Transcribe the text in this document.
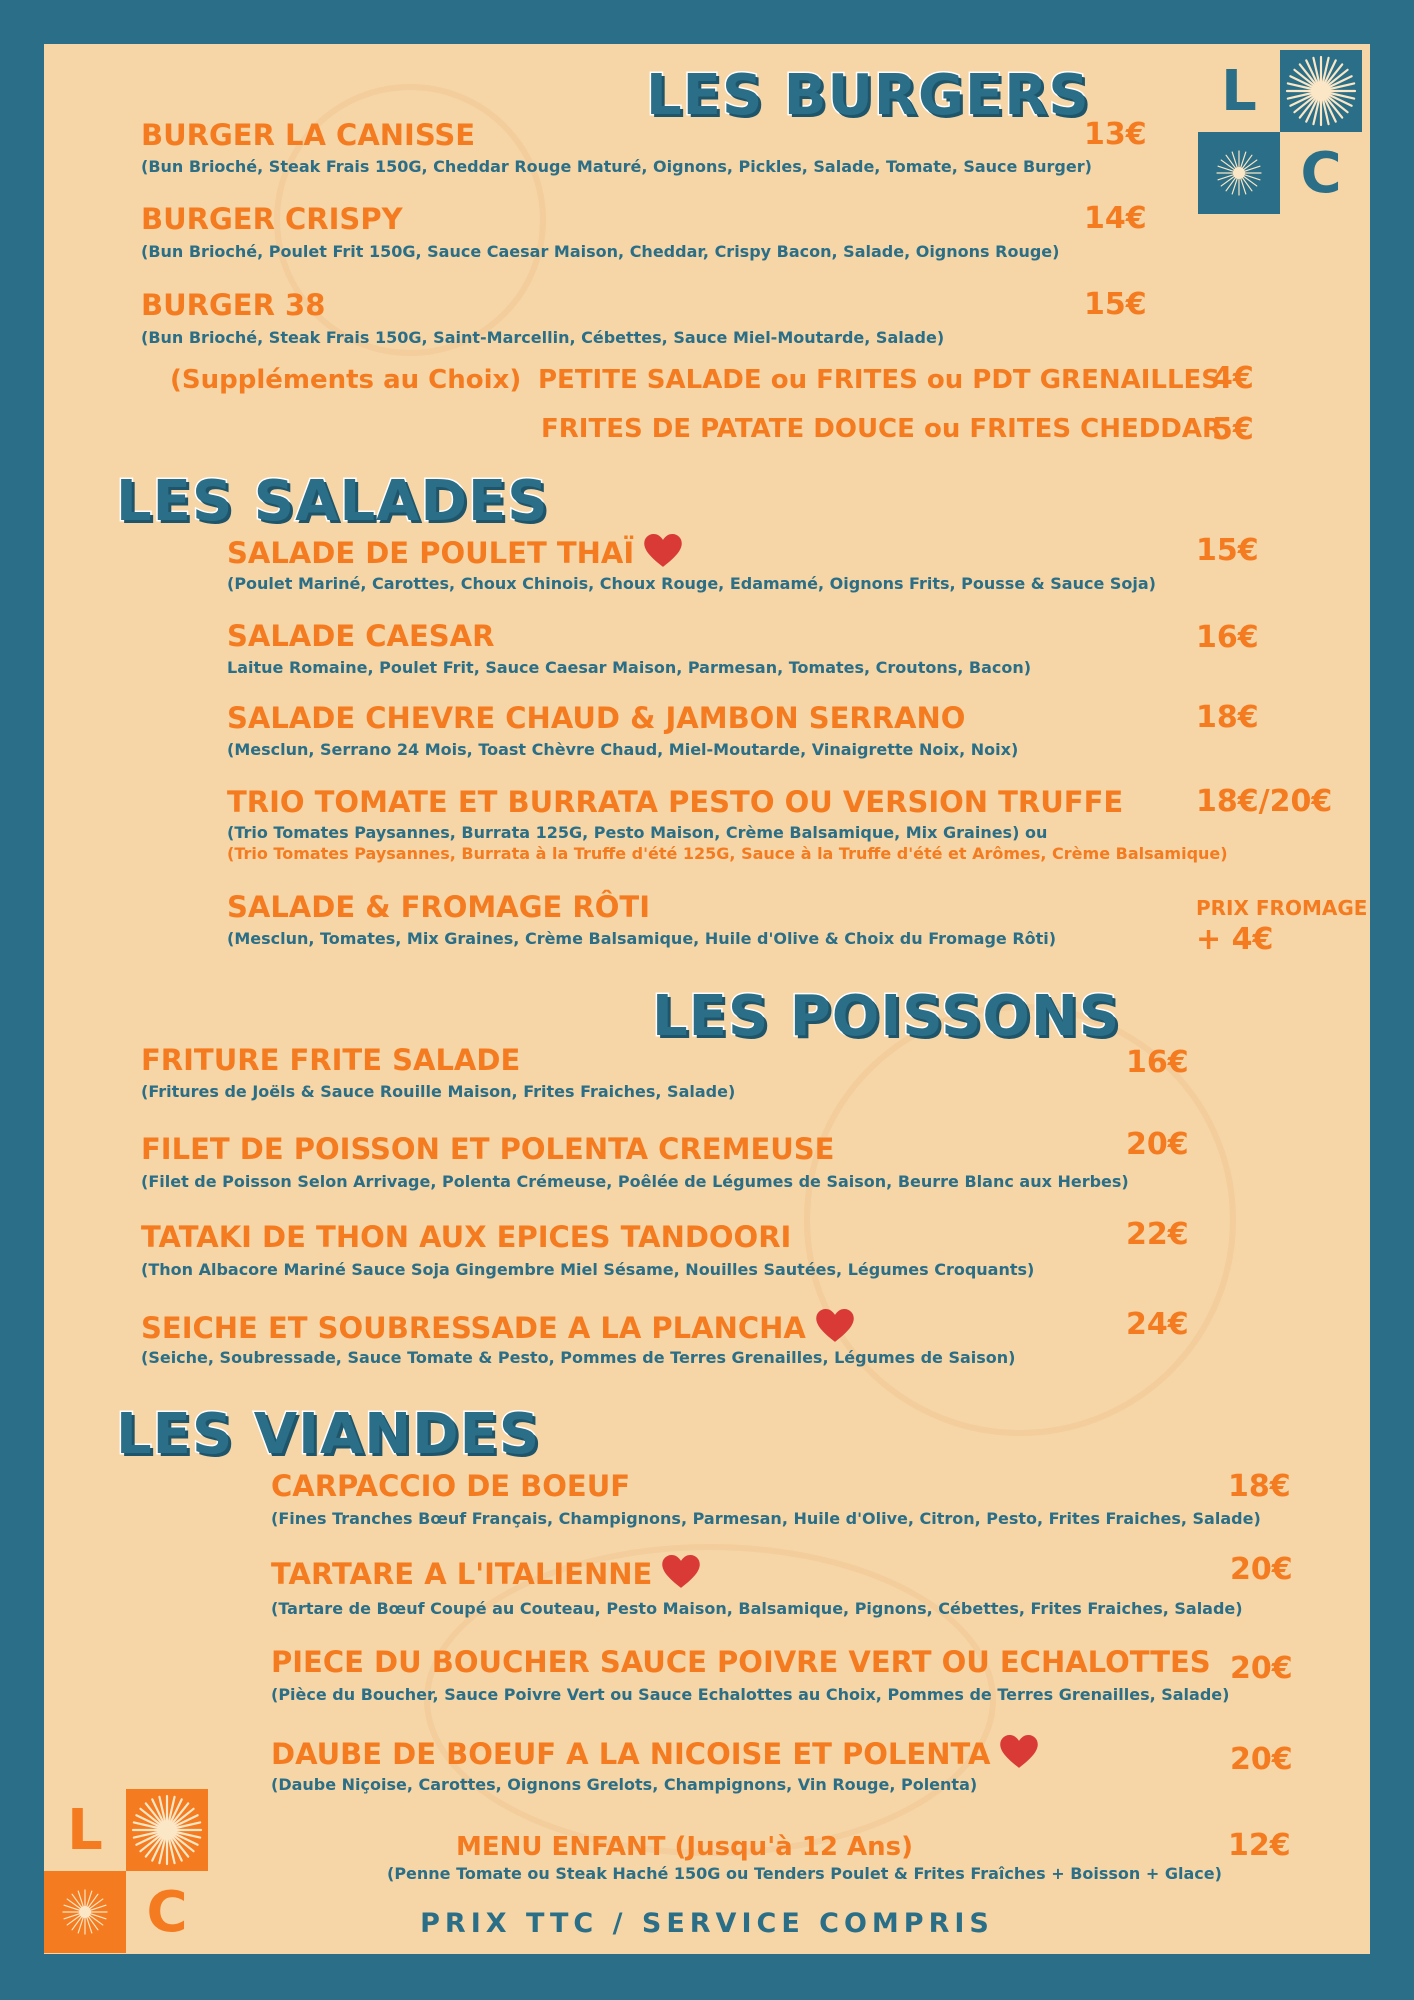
L
C
LES BURGERS
BURGER LA CANISSE
(Bun Brioché, Steak Frais 150G, Cheddar Rouge Maturé, Oignons, Pickles, Salade, Tomate, Sauce Burger)
13€
BURGER CRISPY
(Bun Brioché, Poulet Frit 150G, Sauce Caesar Maison, Cheddar, Crispy Bacon, Salade, Oignons Rouge)
14€
BURGER 38
(Bun Brioché, Steak Frais 150G, Saint-Marcellin, Cébettes, Sauce Miel-Moutarde, Salade)
15€
(Suppléments au Choix) PETITE SALADE ou FRITES ou PDT GRENAILLES
4€
FRITES DE PATATE DOUCE ou FRITES CHEDDAR
5€
LES SALADES
SALADE DE POULET THAÏ
(Poulet Mariné, Carottes, Choux Chinois, Choux Rouge, Edamamé, Oignons Frits, Pousse & Sauce Soja)
15€
SALADE CAESAR
Laitue Romaine, Poulet Frit, Sauce Caesar Maison, Parmesan, Tomates, Croutons, Bacon)
16€
SALADE CHEVRE CHAUD & JAMBON SERRANO
(Mesclun, Serrano 24 Mois, Toast Chèvre Chaud, Miel-Moutarde, Vinaigrette Noix, Noix)
18€
TRIO TOMATE ET BURRATA PESTO OU VERSION TRUFFE
(Trio Tomates Paysannes, Burrata 125G, Pesto Maison, Crème Balsamique, Mix Graines) ou
(Trio Tomates Paysannes, Burrata à la Truffe d'été 125G, Sauce à la Truffe d'été et Arômes, Crème Balsamique)
18€/20€
SALADE & FROMAGE RÔTI
(Mesclun, Tomates, Mix Graines, Crème Balsamique, Huile d'Olive & Choix du Fromage Rôti)
PRIX FROMAGE
+ 4€
LES POISSONS
FRITURE FRITE SALADE
(Fritures de Joëls & Sauce Rouille Maison, Frites Fraiches, Salade)
16€
FILET DE POISSON ET POLENTA CREMEUSE
(Filet de Poisson Selon Arrivage, Polenta Crémeuse, Poêlée de Légumes de Saison, Beurre Blanc aux Herbes)
20€
TATAKI DE THON AUX EPICES TANDOORI
(Thon Albacore Mariné Sauce Soja Gingembre Miel Sésame, Nouilles Sautées, Légumes Croquants)
22€
SEICHE ET SOUBRESSADE A LA PLANCHA
(Seiche, Soubressade, Sauce Tomate & Pesto, Pommes de Terres Grenailles, Légumes de Saison)
24€
LES VIANDES
CARPACCIO DE BOEUF
(Fines Tranches Bœuf Français, Champignons, Parmesan, Huile d'Olive, Citron, Pesto, Frites Fraiches, Salade)
18€
TARTARE A L'ITALIENNE
(Tartare de Bœuf Coupé au Couteau, Pesto Maison, Balsamique, Pignons, Cébettes, Frites Fraiches, Salade)
20€
PIECE DU BOUCHER SAUCE POIVRE VERT OU ECHALOTTES
(Pièce du Boucher, Sauce Poivre Vert ou Sauce Echalottes au Choix, Pommes de Terres Grenailles, Salade)
20€
DAUBE DE BOEUF A LA NICOISE ET POLENTA
(Daube Niçoise, Carottes, Oignons Grelots, Champignons, Vin Rouge, Polenta)
20€
MENU ENFANT (Jusqu'à 12 Ans)
(Penne Tomate ou Steak Haché 150G ou Tenders Poulet & Frites Fraîches + Boisson + Glace)
12€
PRIX TTC / SERVICE COMPRIS
L
C
